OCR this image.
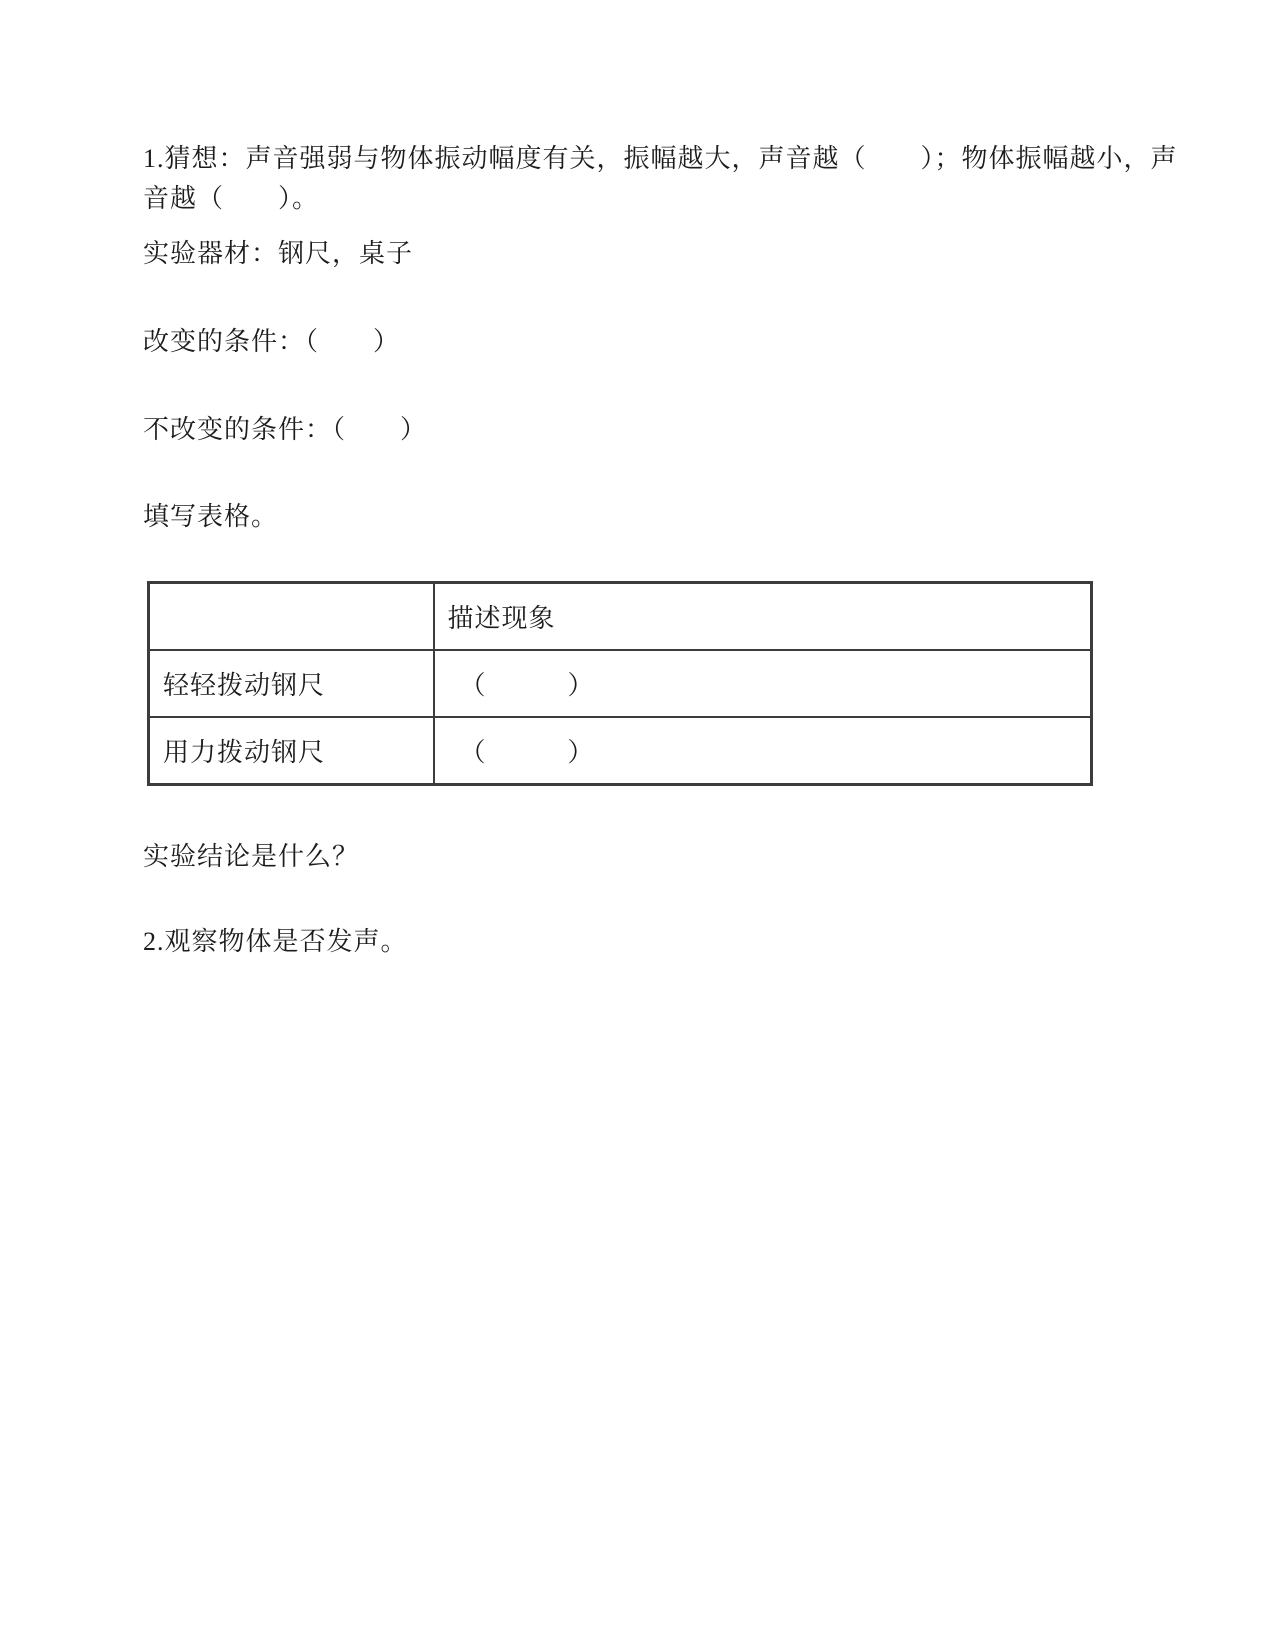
1.猜想：声音强弱与物体振动幅度有关，振幅越大，声音越（　　）；物体振幅越小，声
音越（　　）。
实验器材：钢尺，桌子
改变的条件：（　　）
不改变的条件：（　　）
填写表格。
	描述现象
轻轻拨动钢尺	（　　　）
用力拨动钢尺	（　　　）
实验结论是什么？
2.观察物体是否发声。
